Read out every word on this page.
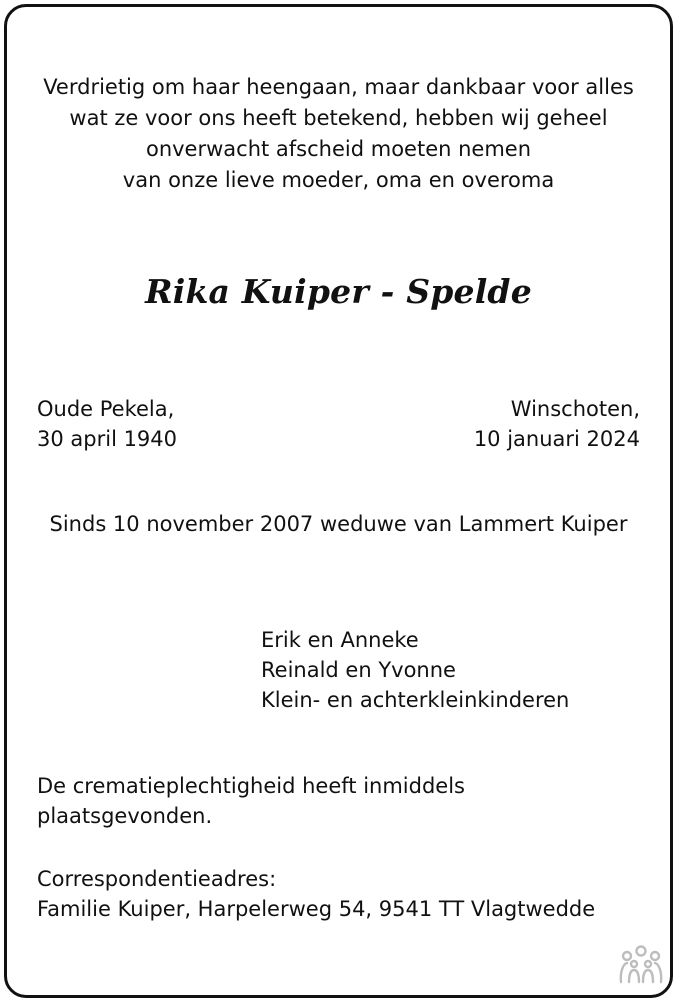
Verdrietig om haar heengaan, maar dankbaar voor alles
wat ze voor ons heeft betekend, hebben wij geheel
onverwacht afscheid moeten nemen
van onze lieve moeder, oma en overoma
Rika Kuiper - Spelde
Oude Pekela,
30 april 1940
Winschoten,
10 januari 2024
Sinds 10 november 2007 weduwe van Lammert Kuiper
Erik en Anneke
Reinald en Yvonne
Klein- en achterkleinkinderen
De crematieplechtigheid heeft inmiddels
plaatsgevonden.
Correspondentieadres:
Familie Kuiper, Harpelerweg 54, 9541 TT Vlagtwedde
